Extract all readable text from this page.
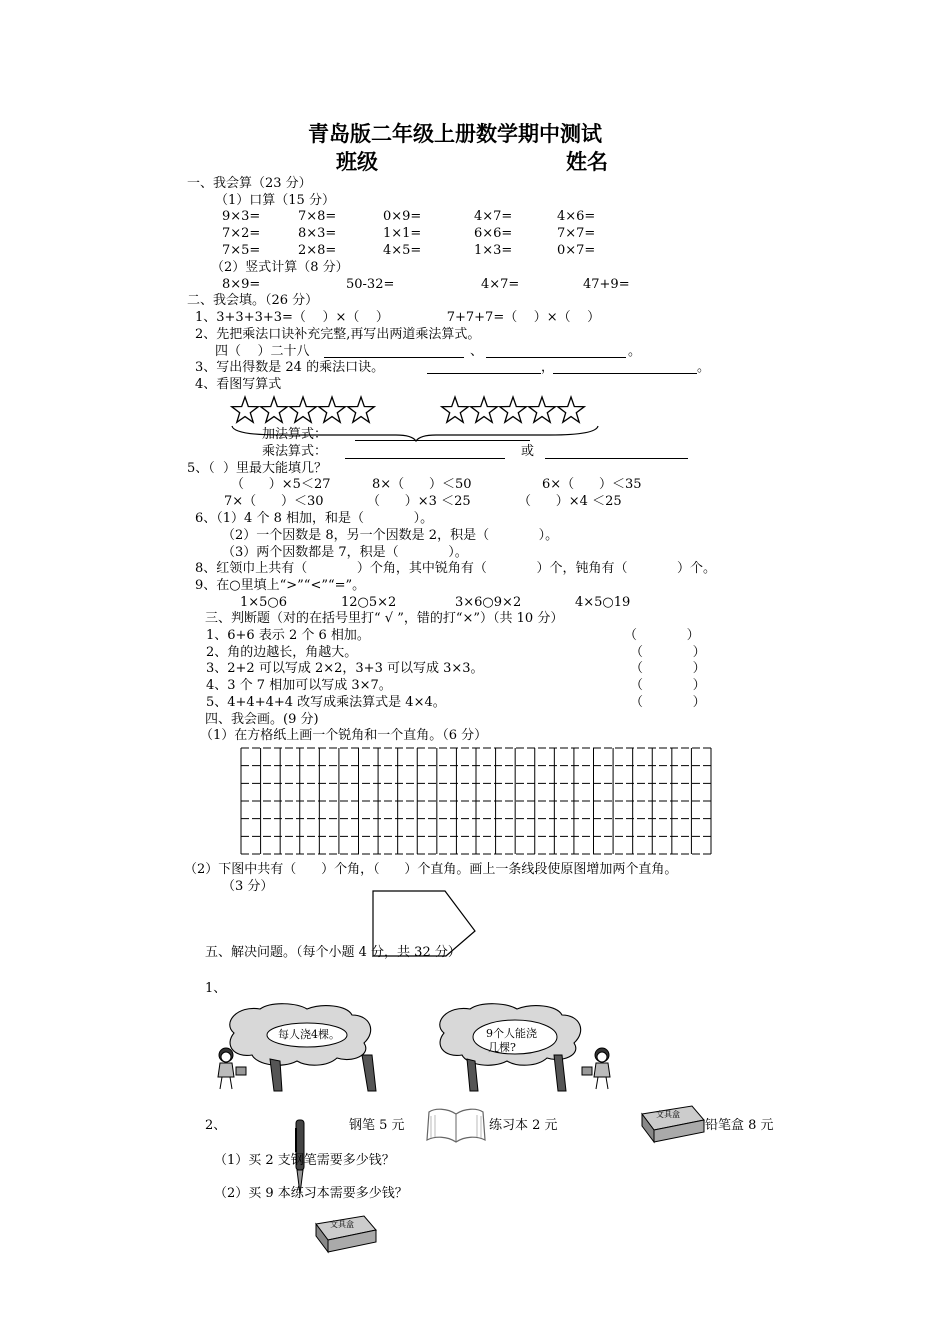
青岛版二年级上册数学期中测试
班级	姓名
一、我会算（23 分）
（1）口算（15 分）
9×3=	7×8=	0×9=	4×7=	4×6=
7×2=	8×3=	1×1=	6×6=	7×7=
7×5=	2×8=	4×5=	1×3=	0×7=
（2）竖式计算（8 分）
8×9=	50-32=	4×7=	47+9=
二、我会填。（26 分）
1、3+3+3+3=（    ）×（    ）              7+7+7=（    ）×（    ）
2、先把乘法口诀补充完整,再写出两道乘法算式。
四（    ）二十八	、	。
3、写出得数是 24 的乘法口诀。	，	。
4、看图写算式
加法算式：
乘法算式：	或
5、（  ）里最大能填几？
（      ）×5＜27	8×（      ）＜50	6×（      ）＜35
7×（      ）＜30	（      ）×3 ＜25	（      ）×4 ＜25
6、（1）4 个 8 相加，和是（            ）。
（2）一个因数是 8，另一个因数是 2，积是（            ）。
（3）两个因数都是 7，积是（            ）。
8、红领巾上共有（            ）个角，其中锐角有（            ）个，钝角有（            ）个。
9、在○里填上“>”“<”“=”。
1×5○6	12○5×2	3×6○9×2	4×5○19
三、判断题（对的在括号里打“ √ ”，错的打“×”）（共 10 分）
1、6+6 表示 2 个 6 相加。	（            ）
2、角的边越长，角越大。	（            ）
3、2+2 可以写成 2×2，3+3 可以写成 3×3。	（            ）
4、3 个 7 相加可以写成 3×7。	（            ）
5、4+4+4+4 改写成乘法算式是 4×4。	（            ）
四、我会画。(9 分)
（1）在方格纸上画一个锐角和一个直角。（6 分）
（2）下图中共有（      ）个角，（      ）个直角。画上一条线段使原图增加两个直角。
（3 分）
五、解决问题。（每个小题 4 分，共 32 分）
1、
每人浇4棵。	9个人能浇
几棵?
2、	钢笔 5 元	练习本 2 元
文具盒
铅笔盒 8 元
（1）买 2 支钢笔需要多少钱？
（2）买 9 本练习本需要多少钱？
文具盒
